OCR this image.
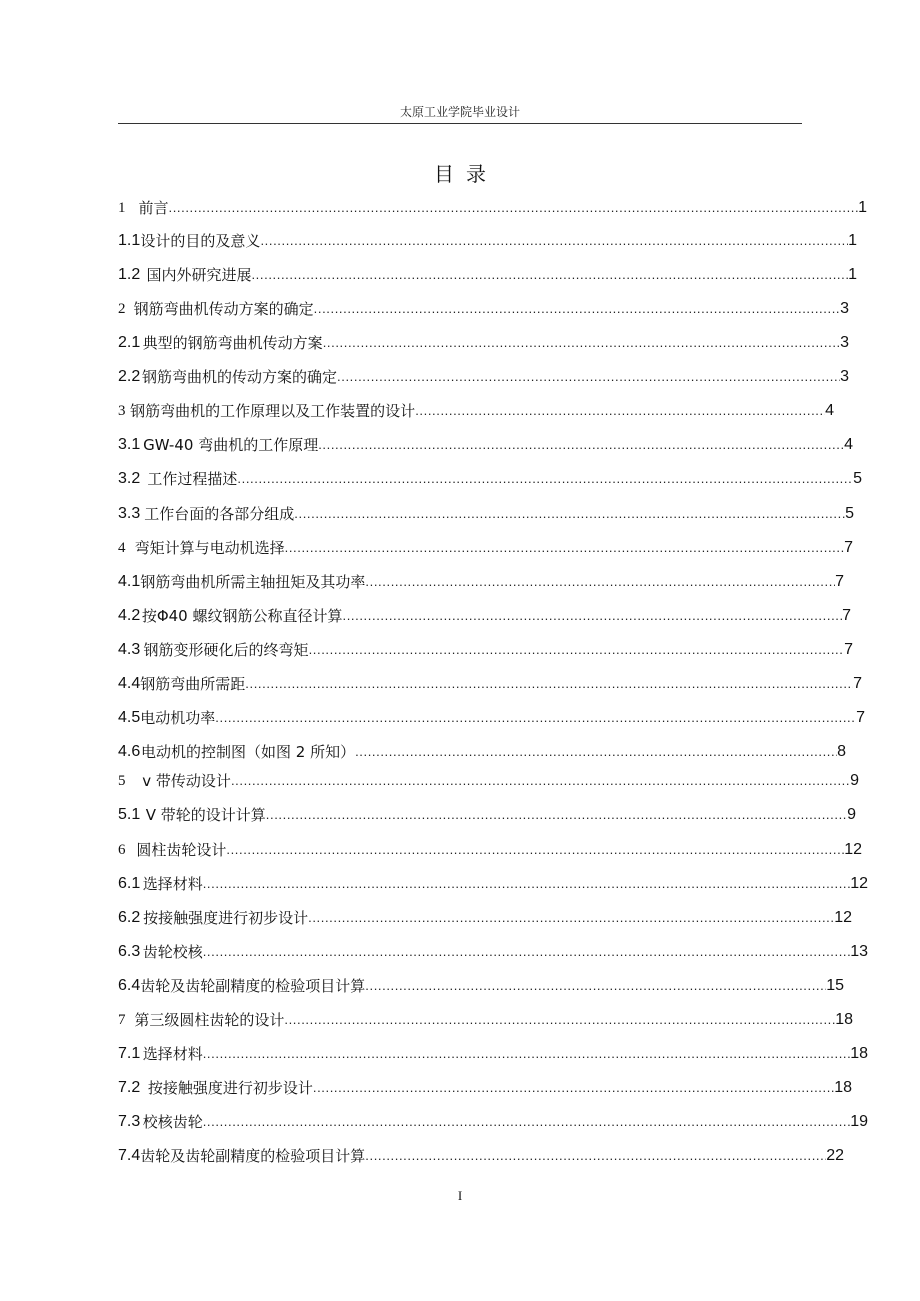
太原工业学院毕业设计
目录
1 前言 .....	1
1.1 设计的目的及意义 .....	1
1.2 国内外研究进展 .....	1
2 钢筋弯曲机传动方案的确定 .....	3
2.1 典型的钢筋弯曲机传动方案 .....	3
2.2 钢筋弯曲机的传动方案的确定 .....	3
3 钢筋弯曲机的工作原理以及工作装置的设计 .....	4
3.1 GW-40 弯曲机的工作原理 .....	4
3.2 工作过程描述 .....	5
3.3 工作台面的各部分组成 .....	5
4 弯矩计算与电动机选择 .....	7
4.1 钢筋弯曲机所需主轴扭矩及其功率 .....	7
4.2 按Φ40 螺纹钢筋公称直径计算 .....	7
4.3 钢筋变形硬化后的终弯矩 .....	7
4.4 钢筋弯曲所需距 .....	7
4.5 电动机功率 .....	7
4.6 电动机的控制图（如图 2 所知） .....	8
5	v 带传动设计 .....	9
5.1 V 带轮的设计计算 .....	9
6 圆柱齿轮设计 .....	12
6.1 选择材料 .....	12
6.2 按接触强度进行初步设计 .....	12
6.3 齿轮校核 .....	13
6.4 齿轮及齿轮副精度的检验项目计算 .....	15
7 第三级圆柱齿轮的设计 .....	18
7.1 选择材料 .....	18
7.2 按接触强度进行初步设计 .....	18
7.3 校核齿轮 .....	19
7.4 齿轮及齿轮副精度的检验项目计算 .....	22
I
